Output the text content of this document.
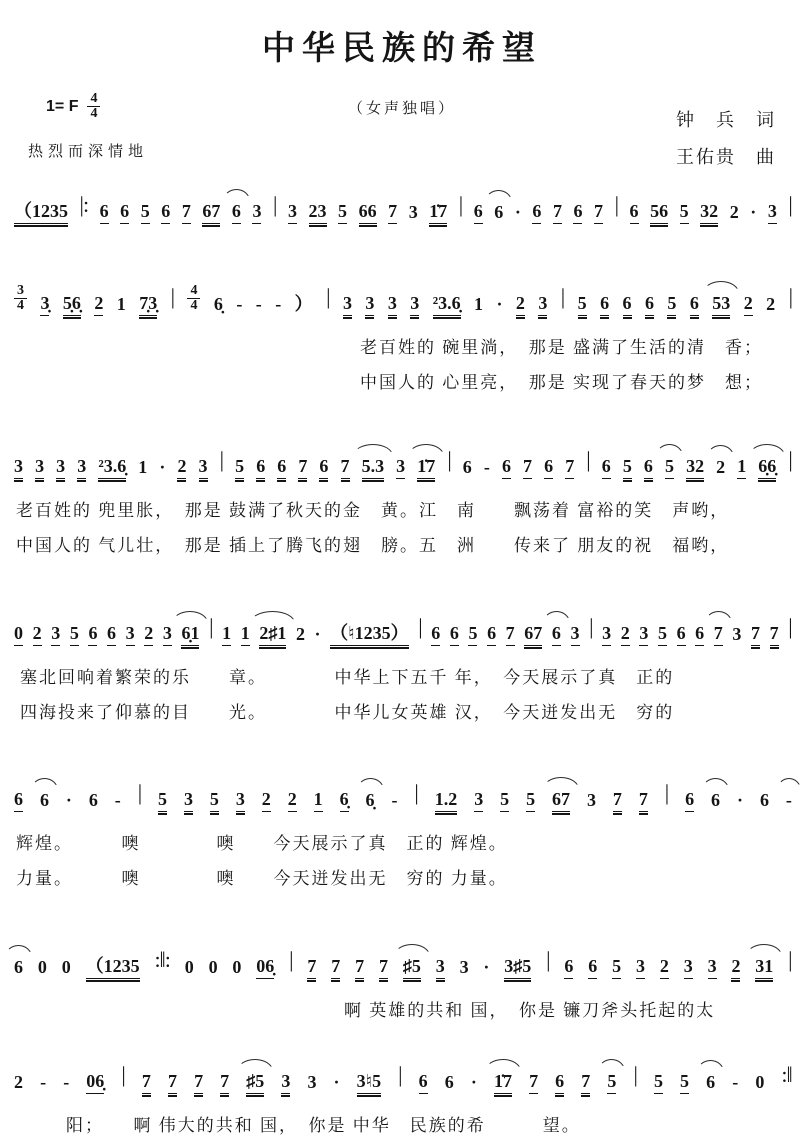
中华民族的希望
1= F $\frac{4}{4}$	（女声独唱）
钟　兵　词
王佑贵　曲
热烈而深情地
（1235 |: 6 6 5 6 7 67 6 3 | 3 23 5 66 7 3 1̇7 | 6 6 · 6 7 6 7 | 6 56 5 32 2 · 3 |
$\frac{3}{4}$ 3̣ 5̣6̣ 2 1 7̣3̣ | $\frac{4}{4}$ 6̣ - - - ） | 3 3 3 3 ²3.6̣ 1 · 2 3 | 5 6 6 6 5 6 53 2 2 |
老百姓的 碗里淌，　那是 盛满了生活的清　香；
中国人的 心里亮，　那是 实现了春天的梦　想；
3 3 3 3 ²3.6̣ 1 · 2 3 | 5 6 6 7 6 7 5.3 3 1̇7 | 6 - 6 7 6 7 | 6 5 6 5 32 2 1 6̣6̣ |
老百姓的 兜里胀，　那是 鼓满了秋天的金　黄。江　南　　飘荡着 富裕的笑　声哟，
中国人的 气儿壮，　那是 插上了腾飞的翅　膀。五　洲　　传来了 朋友的祝　福哟，
0 2 3 5 6 6 3 2 3 6̣1 | 1 1 2♯1 2 · （♮1235） | 6 6 5 6 7 67 6 3 | 3 2 3 5 6 6 7 3 7 7 |
塞北回响着繁荣的乐　　章。　　　　中华上下五千 年，　今天展示了真　正的
四海投来了仰慕的目　　光。　　　　中华儿女英雄 汉，　今天迸发出无　穷的
6 6 · 6 - | 5 3 5 3 2 2 1 6̣ 6̣ - | 1.2 3 5 5 67 3 7 7 | 6 6 · 6 -
辉煌。　　　噢　　　　噢　　今天展示了真　正的 辉煌。
力量。　　　噢　　　　噢　　今天迸发出无　穷的 力量。
6 0 0 （1235 :‖: 0 0 0 06̣ | 7 7 7 7 ♯5 3 3 · 3♯5 | 6 6 5 3 2 3 3 2 31 |
啊 英雄的共和 国，　你是 镰刀斧头托起的太
2 - - 06̣ | 7 7 7 7 ♯5 3 3 · 3♮5 | 6 6 · 1̇7 7 6 7 5 | 5 5 6 - 0 :‖
阳；　　啊 伟大的共和 国，　你是 中华　民族的希　　　望。
